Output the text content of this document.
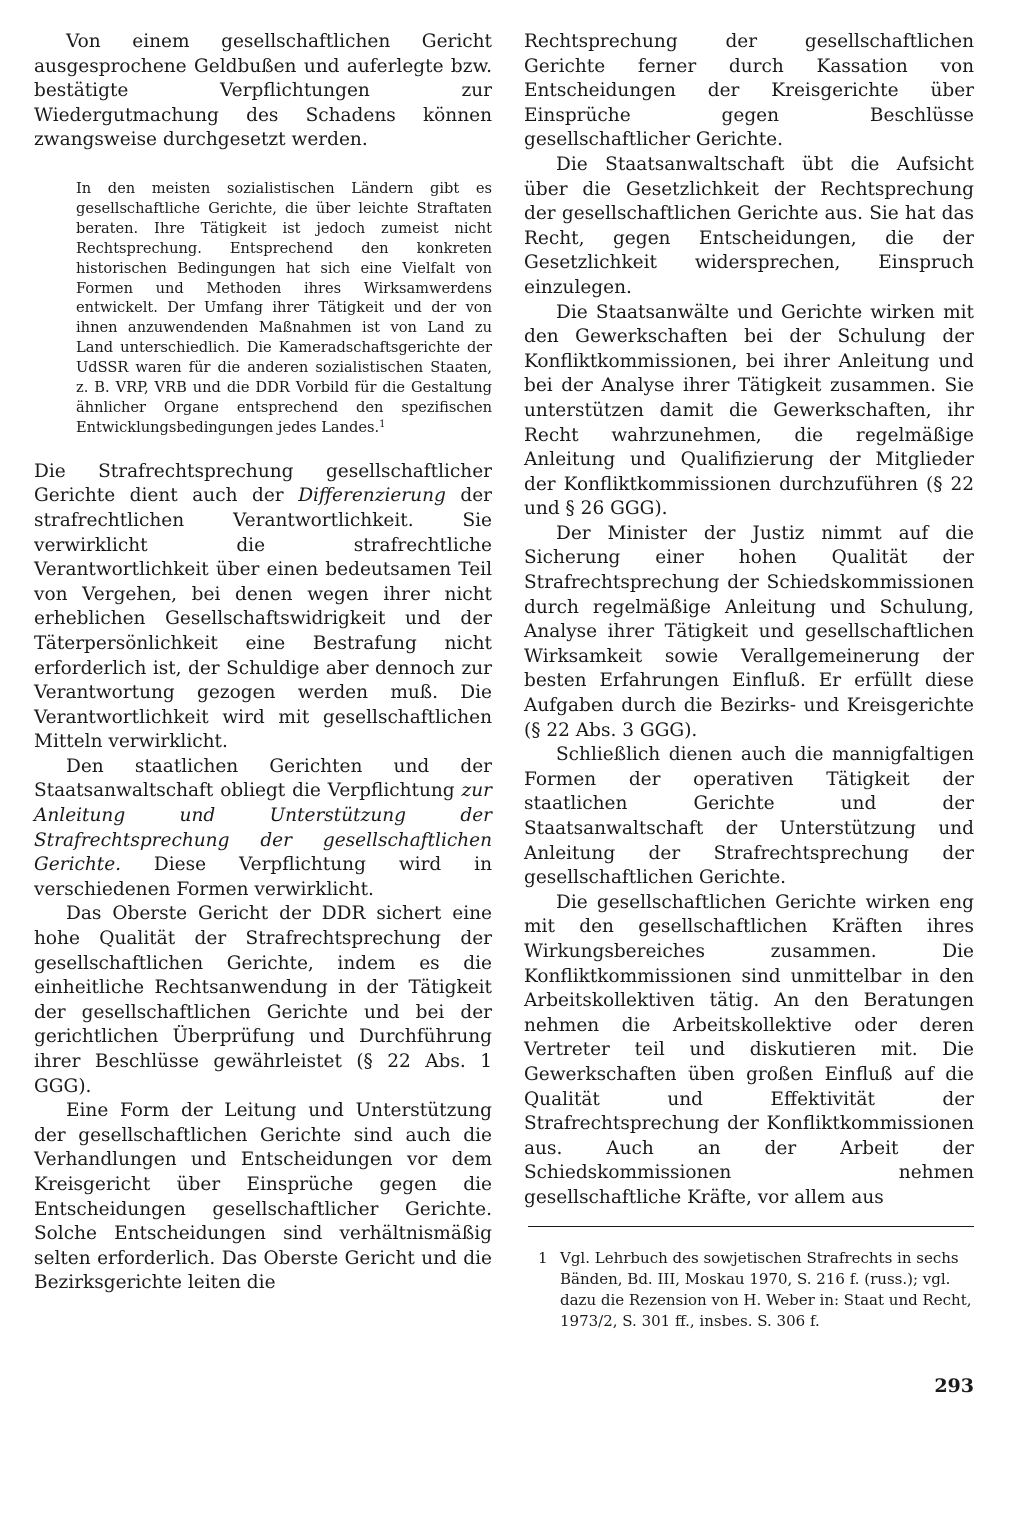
Von einem gesellschaftlichen Gericht ausgesprochene Geldbußen und auferlegte bzw. bestätigte Verpflichtungen zur Wiedergutmachung des Schadens können zwangsweise durchgesetzt werden.

In den meisten sozialistischen Ländern gibt es gesellschaftliche Gerichte, die über leichte Straftaten beraten. Ihre Tätigkeit ist jedoch zumeist nicht Rechtsprechung. Entsprechend den konkreten historischen Bedingungen hat sich eine Vielfalt von Formen und Methoden ihres Wirksamwerdens entwickelt. Der Umfang ihrer Tätigkeit und der von ihnen anzuwendenden Maßnahmen ist von Land zu Land unterschiedlich. Die Kameradschaftsgerichte der UdSSR waren für die anderen sozialistischen Staaten, z. B. VRP, VRB und die DDR Vorbild für die Gestaltung ähnlicher Organe entsprechend den spezifischen Entwicklungsbedingungen jedes Landes.$^1$

Die Strafrechtsprechung gesellschaftlicher Gerichte dient auch der Differenzierung der strafrechtlichen Verantwortlichkeit. Sie verwirklicht die strafrechtliche Verantwortlichkeit über einen bedeutsamen Teil von Vergehen, bei denen wegen ihrer nicht erheblichen Gesellschaftswidrigkeit und der Täterpersönlichkeit eine Bestrafung nicht erforderlich ist, der Schuldige aber dennoch zur Verantwortung gezogen werden muß. Die Verantwortlichkeit wird mit gesellschaftlichen Mitteln verwirklicht.

Den staatlichen Gerichten und der Staatsanwaltschaft obliegt die Verpflichtung zur Anleitung und Unterstützung der Strafrechtsprechung der gesellschaftlichen Gerichte. Diese Verpflichtung wird in verschiedenen Formen verwirklicht.

Das Oberste Gericht der DDR sichert eine hohe Qualität der Strafrechtsprechung der gesellschaftlichen Gerichte, indem es die einheitliche Rechtsanwendung in der Tätigkeit der gesellschaftlichen Gerichte und bei der gerichtlichen Überprüfung und Durchführung ihrer Beschlüsse gewährleistet (§ 22 Abs. 1 GGG).

Eine Form der Leitung und Unterstützung der gesellschaftlichen Gerichte sind auch die Verhandlungen und Entscheidungen vor dem Kreisgericht über Einsprüche gegen die Entscheidungen gesellschaftlicher Gerichte. Solche Entscheidungen sind verhältnismäßig selten erforderlich. Das Oberste Gericht und die Bezirksgerichte leiten die

Rechtsprechung der gesellschaftlichen Gerichte ferner durch Kassation von Entscheidungen der Kreisgerichte über Einsprüche gegen Beschlüsse gesellschaftlicher Gerichte.

Die Staatsanwaltschaft übt die Aufsicht über die Gesetzlichkeit der Rechtsprechung der gesellschaftlichen Gerichte aus. Sie hat das Recht, gegen Entscheidungen, die der Gesetzlichkeit widersprechen, Einspruch einzulegen.

Die Staatsanwälte und Gerichte wirken mit den Gewerkschaften bei der Schulung der Konfliktkommissionen, bei ihrer Anleitung und bei der Analyse ihrer Tätigkeit zusammen. Sie unterstützen damit die Gewerkschaften, ihr Recht wahrzunehmen, die regelmäßige Anleitung und Qualifizierung der Mitglieder der Konfliktkommissionen durchzuführen (§ 22 und § 26 GGG).

Der Minister der Justiz nimmt auf die Sicherung einer hohen Qualität der Strafrechtsprechung der Schiedskommissionen durch regelmäßige Anleitung und Schulung, Analyse ihrer Tätigkeit und gesellschaftlichen Wirksamkeit sowie Verallgemeinerung der besten Erfahrungen Einfluß. Er erfüllt diese Aufgaben durch die Bezirks- und Kreisgerichte (§ 22 Abs. 3 GGG).

Schließlich dienen auch die mannigfaltigen Formen der operativen Tätigkeit der staatlichen Gerichte und der Staatsanwaltschaft der Unterstützung und Anleitung der Strafrechtsprechung der gesellschaftlichen Gerichte.

Die gesellschaftlichen Gerichte wirken eng mit den gesellschaftlichen Kräften ihres Wirkungsbereiches zusammen. Die Konfliktkommissionen sind unmittelbar in den Arbeitskollektiven tätig. An den Beratungen nehmen die Arbeitskollektive oder deren Vertreter teil und diskutieren mit. Die Gewerkschaften üben großen Einfluß auf die Qualität und Effektivität der Strafrechtsprechung der Konfliktkommissionen aus. Auch an der Arbeit der Schiedskommissionen nehmen gesellschaftliche Kräfte, vor allem aus

1 Vgl. Lehrbuch des sowjetischen Strafrechts in sechs Bänden, Bd. III, Moskau 1970, S. 216 f. (russ.); vgl. dazu die Rezension von H. Weber in: Staat und Recht, 1973/2, S. 301 ff., insbes. S. 306 f.
293
